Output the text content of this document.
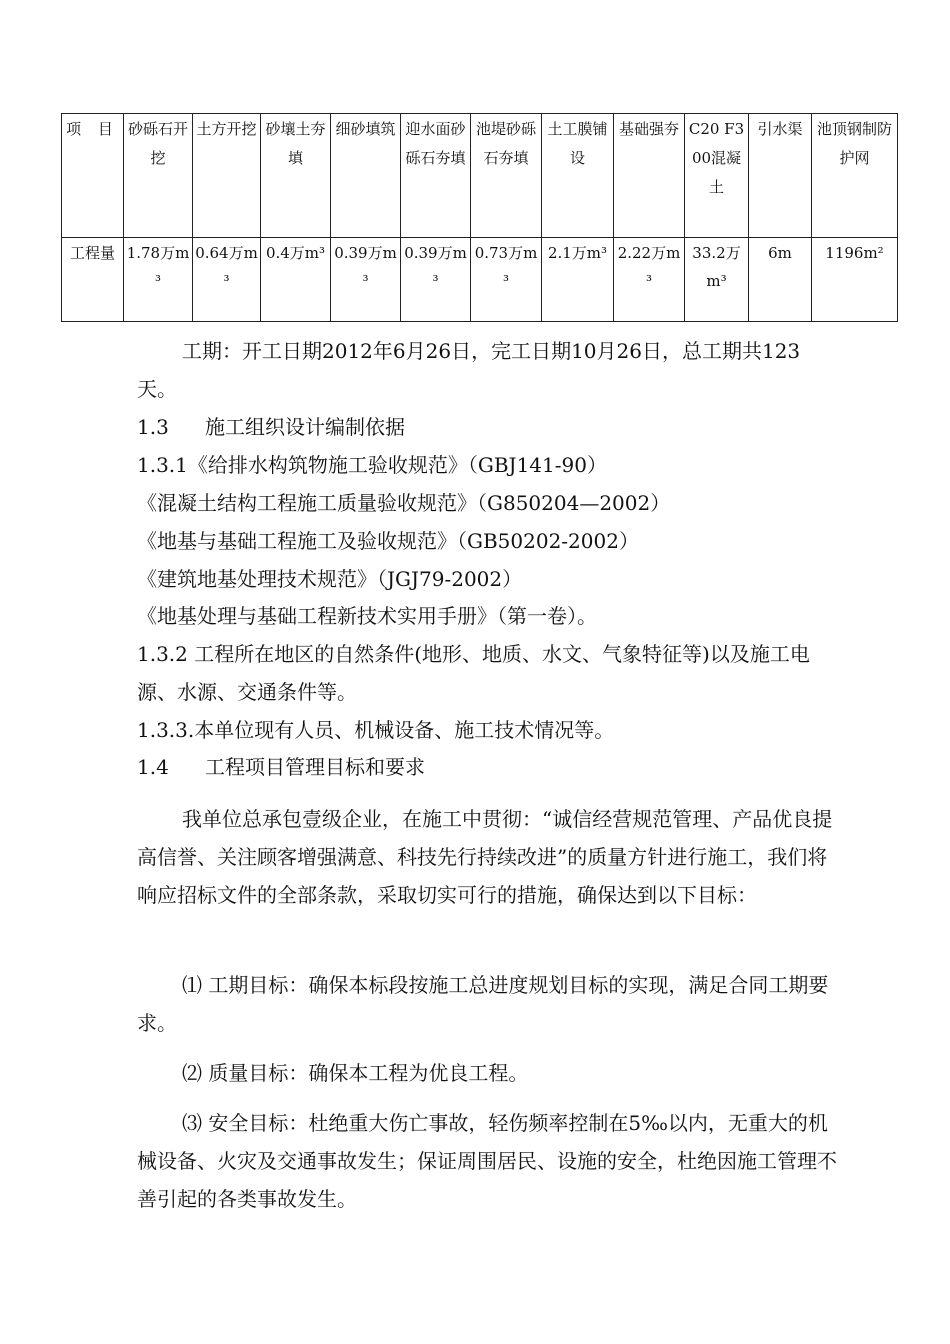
项 目	砂砾石开挖	土方开挖	砂壤土夯填	细砂填筑	迎水面砂砾石夯填	池堤砂砾石夯填	土工膜铺设	基础强夯	C20 F300混凝土	引水渠	池顶钢制防护网
工程量	1.78万m³	0.64万m³	0.4万m³	0.39万m³	0.39万m³	0.73万m³	2.1万m³	2.22万m³	33.2万m³	6m	1196m²

工期：开工日期2012年6月26日，完工日期10月26日，总工期共123天。

1.3 施工组织设计编制依据

1.3.1《给排水构筑物施工验收规范》（GBJ141-90）

《混凝土结构工程施工质量验收规范》（G850204—2002）

《地基与基础工程施工及验收规范》（GB50202-2002）

《建筑地基处理技术规范》（JGJ79-2002）

《地基处理与基础工程新技术实用手册》（第一卷）。

1.3.2 工程所在地区的自然条件(地形、地质、水文、气象特征等)以及施工电源、水源、交通条件等。

1.3.3.本单位现有人员、机械设备、施工技术情况等。

1.4 工程项目管理目标和要求

我单位总承包壹级企业，在施工中贯彻：“诚信经营规范管理、产品优良提高信誉、关注顾客增强满意、科技先行持续改进”的质量方针进行施工，我们将响应招标文件的全部条款，采取切实可行的措施，确保达到以下目标：

⑴ 工期目标：确保本标段按施工总进度规划目标的实现，满足合同工期要求。

⑵ 质量目标：确保本工程为优良工程。

⑶ 安全目标：杜绝重大伤亡事故，轻伤频率控制在5‰以内，无重大的机械设备、火灾及交通事故发生；保证周围居民、设施的安全，杜绝因施工管理不善引起的各类事故发生。
